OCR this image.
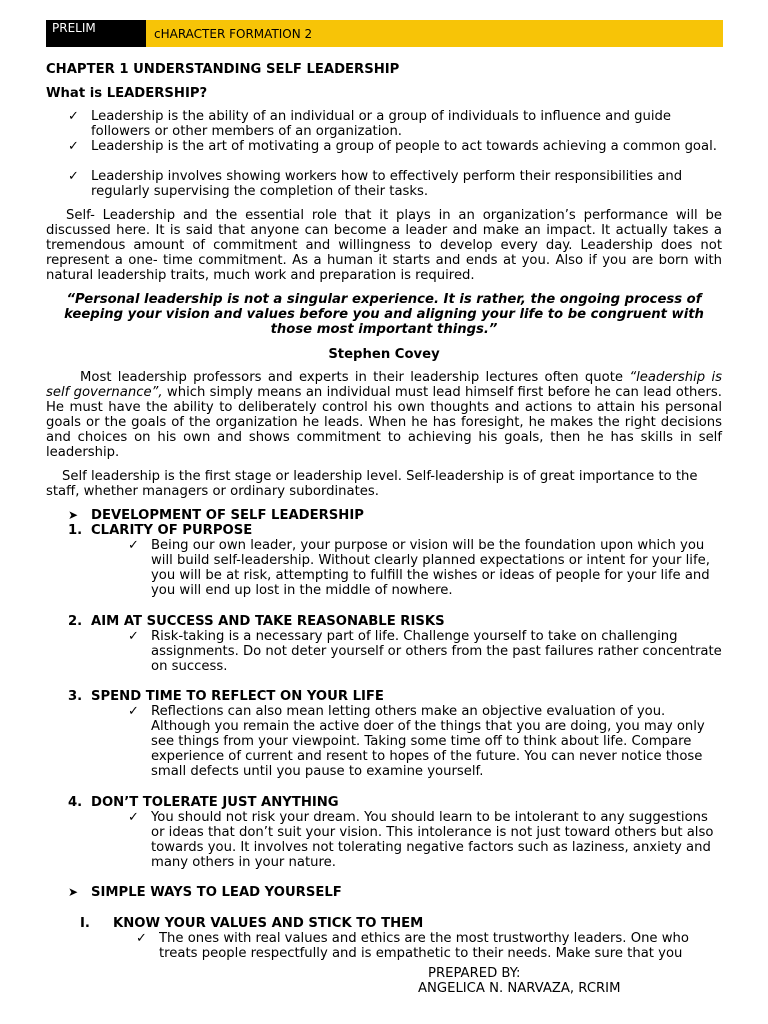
PRELIM	cHARACTER FORMATION 2
CHAPTER 1 UNDERSTANDING SELF LEADERSHIP
What is LEADERSHIP?
✓ Leadership is the ability of an individual or a group of individuals to influence and guide followers or other members of an organization.
✓ Leadership is the art of motivating a group of people to act towards achieving a common goal.
✓ Leadership involves showing workers how to effectively perform their responsibilities and regularly supervising the completion of their tasks.
Self- Leadership and the essential role that it plays in an organization’s performance will be discussed here. It is said that anyone can become a leader and make an impact. It actually takes a tremendous amount of commitment and willingness to develop every day. Leadership does not represent a one- time commitment. As a human it starts and ends at you. Also if you are born with natural leadership traits, much work and preparation is required.
“Personal leadership is not a singular experience. It is rather, the ongoing process of keeping your vision and values before you and aligning your life to be congruent with those most important things.”
Stephen Covey
Most leadership professors and experts in their leadership lectures often quote “leadership is self governance”, which simply means an individual must lead himself first before he can lead others. He must have the ability to deliberately control his own thoughts and actions to attain his personal goals or the goals of the organization he leads. When he has foresight, he makes the right decisions and choices on his own and shows commitment to achieving his goals, then he has skills in self leadership.
Self leadership is the first stage or leadership level. Self-leadership is of great importance to the staff, whether managers or ordinary subordinates.
➤ DEVELOPMENT OF SELF LEADERSHIP
1. CLARITY OF PURPOSE
✓ Being our own leader, your purpose or vision will be the foundation upon which you will build self-leadership. Without clearly planned expectations or intent for your life, you will be at risk, attempting to fulfill the wishes or ideas of people for your life and you will end up lost in the middle of nowhere.
2. AIM AT SUCCESS AND TAKE REASONABLE RISKS
✓ Risk-taking is a necessary part of life. Challenge yourself to take on challenging assignments. Do not deter yourself or others from the past failures rather concentrate on success.
3. SPEND TIME TO REFLECT ON YOUR LIFE
✓ Reflections can also mean letting others make an objective evaluation of you. Although you remain the active doer of the things that you are doing, you may only see things from your viewpoint. Taking some time off to think about life. Compare experience of current and resent to hopes of the future. You can never notice those small defects until you pause to examine yourself.
4. DON’T TOLERATE JUST ANYTHING
✓ You should not risk your dream. You should learn to be intolerant to any suggestions or ideas that don’t suit your vision. This intolerance is not just toward others but also towards you. It involves not tolerating negative factors such as laziness, anxiety and many others in your nature.
➤ SIMPLE WAYS TO LEAD YOURSELF
I. KNOW YOUR VALUES AND STICK TO THEM
✓ The ones with real values and ethics are the most trustworthy leaders. One who treats people respectfully and is empathetic to their needs. Make sure that you
PREPARED BY:
ANGELICA N. NARVAZA, RCRIM
